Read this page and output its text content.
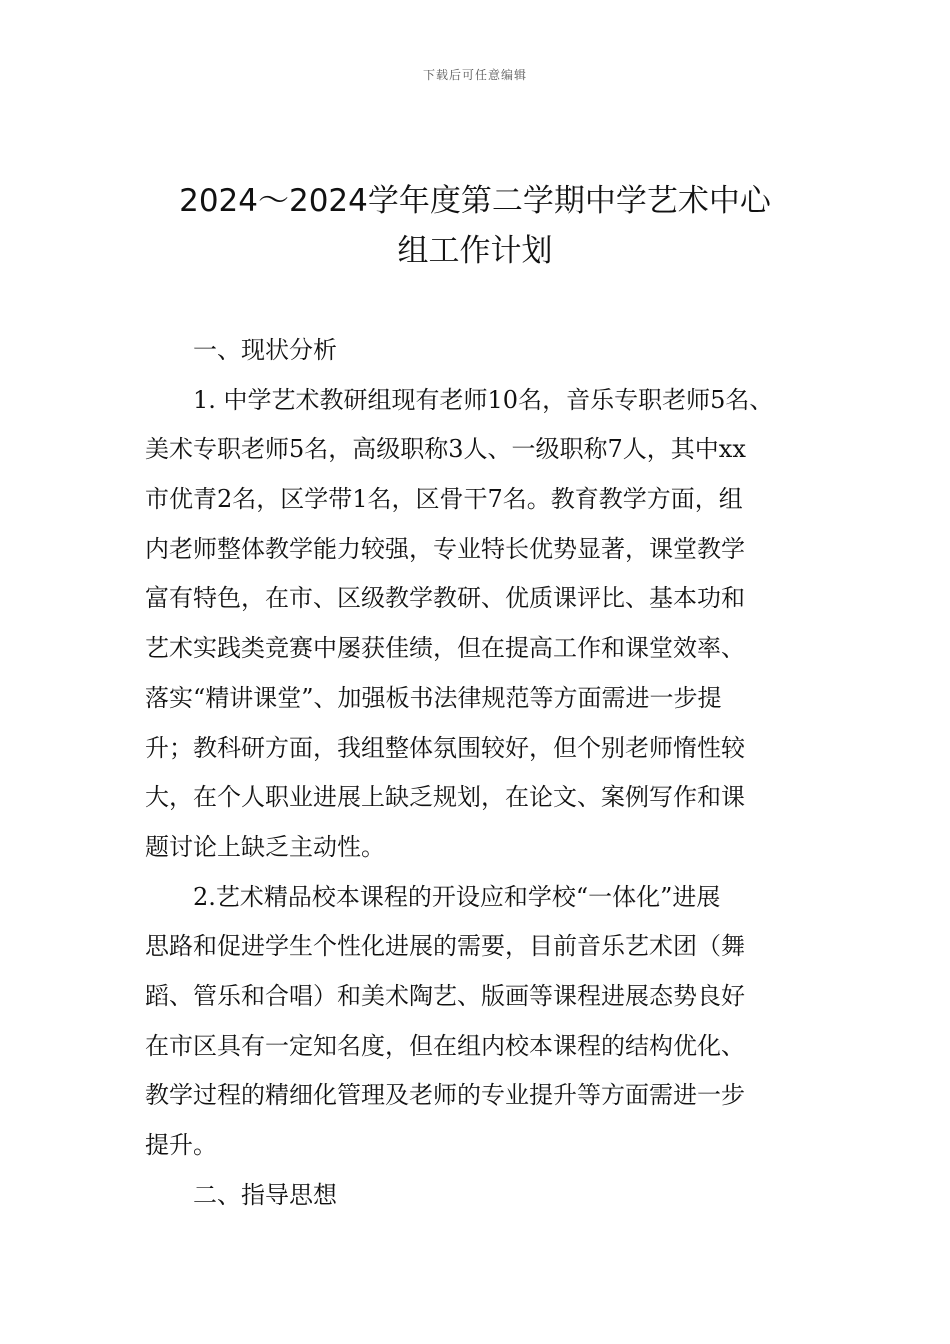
下载后可任意编辑
2024～2024学年度第二学期中学艺术中心
组工作计划
一、现状分析
1. 中学艺术教研组现有老师10名，音乐专职老师5名、
美术专职老师5名，高级职称3人、一级职称7人，其中xx
市优青2名，区学带1名，区骨干7名。教育教学方面，组
内老师整体教学能力较强，专业特长优势显著，课堂教学
富有特色，在市、区级教学教研、优质课评比、基本功和
艺术实践类竞赛中屡获佳绩，但在提高工作和课堂效率、
落实“精讲课堂”、加强板书法律规范等方面需进一步提
升；教科研方面，我组整体氛围较好，但个别老师惰性较
大，在个人职业进展上缺乏规划，在论文、案例写作和课
题讨论上缺乏主动性。
2.艺术精品校本课程的开设应和学校“一体化”进展
思路和促进学生个性化进展的需要，目前音乐艺术团（舞
蹈、管乐和合唱）和美术陶艺、版画等课程进展态势良好
在市区具有一定知名度，但在组内校本课程的结构优化、
教学过程的精细化管理及老师的专业提升等方面需进一步
提升。
二、指导思想
